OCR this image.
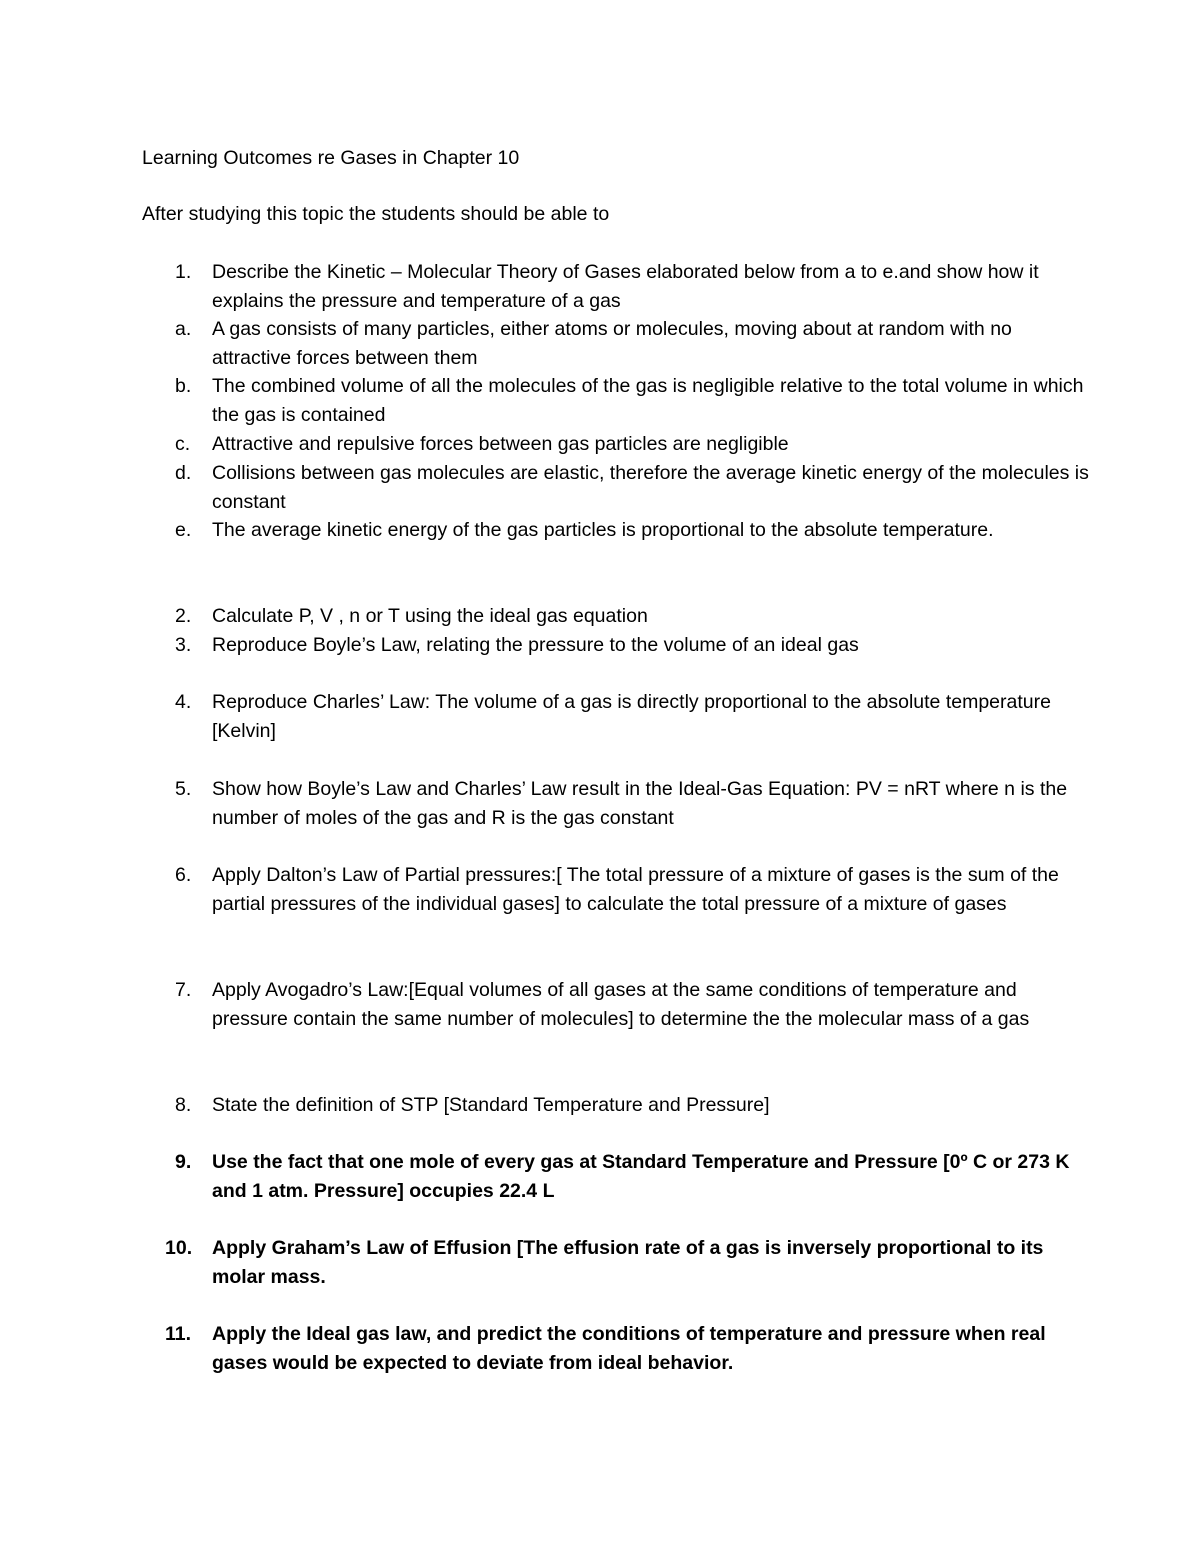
Learning Outcomes re Gases in Chapter 10
After studying this topic the students should be able to
1.	Describe the Kinetic – Molecular Theory of Gases elaborated below from a to e.and show how it explains the pressure and temperature of a gas
a.	A gas consists of many particles, either atoms or molecules, moving about at random with no attractive forces between them
b.	The combined volume of all the molecules of the gas is negligible relative to the total volume in which the gas is contained
c.	Attractive and repulsive forces between gas particles are negligible
d.	Collisions between gas molecules are elastic, therefore the average kinetic energy of the molecules is constant
e.	The average kinetic energy of the gas particles is proportional to the absolute temperature.
2.	Calculate P, V , n or T using the ideal gas equation
3.	Reproduce Boyle’s Law, relating the pressure to the volume of an ideal gas
4.	Reproduce Charles’ Law: The volume of a gas is directly proportional to the absolute temperature [Kelvin]
5.	Show how Boyle’s Law and Charles’ Law result in the Ideal-Gas Equation: PV = nRT where n is the number of moles of the gas and R is the gas constant
6.	Apply Dalton’s Law of Partial pressures:[ The total pressure of a mixture of gases is the sum of the partial pressures of the individual gases] to calculate the total pressure of a mixture of gases
7.	Apply Avogadro’s Law:[Equal volumes of all gases at the same conditions of temperature and pressure contain the same number of molecules] to determine the the molecular mass of a gas
8.	State the definition of STP [Standard Temperature and Pressure]
9.	Use the fact that one mole of every gas at Standard Temperature and Pressure [0º C or 273 K and 1 atm. Pressure] occupies 22.4 L
10.	Apply Graham’s Law of Effusion [The effusion rate of a gas is inversely proportional to its molar mass.
11.	Apply the Ideal gas law, and predict the conditions of temperature and pressure when real gases would be expected to deviate from ideal behavior.
